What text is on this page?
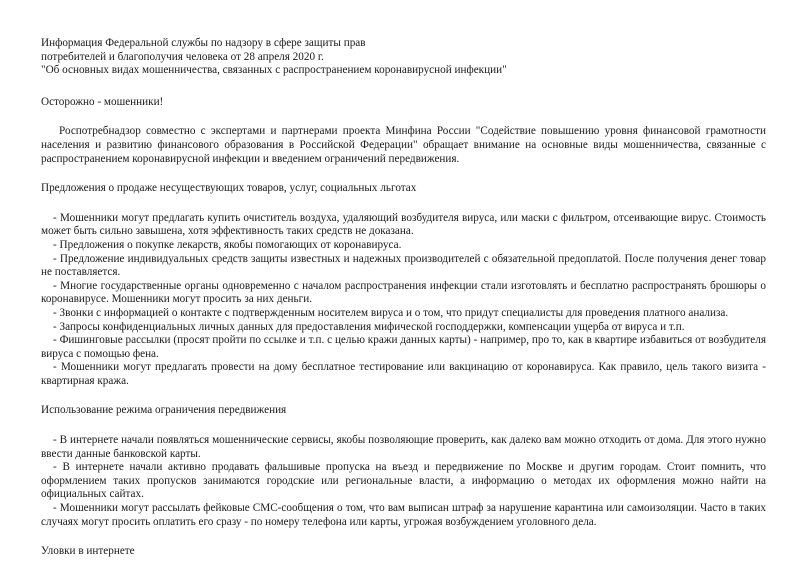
Информация Федеральной службы по надзору в сфере защиты прав

потребителей и благополучия человека от 28 апреля 2020 г.

"Об основных видах мошенничества, связанных с распространением коронавирусной инфекции"

Осторожно - мошенники!

Роспотребнадзор совместно с экспертами и партнерами проекта Минфина России "Содействие повышению уровня финансовой грамотности населения и развитию финансового образования в Российской Федерации" обращает внимание на основные виды мошенничества, связанные с распространением коронавирусной инфекции и введением ограничений передвижения.

Предложения о продаже несуществующих товаров, услуг, социальных льготах

- Мошенники могут предлагать купить очиститель воздуха, удаляющий возбудителя вируса, или маски с фильтром, отсеивающие вирус. Стоимость может быть сильно завышена, хотя эффективность таких средств не доказана.

- Предложения о покупке лекарств, якобы помогающих от коронавируса.

- Предложение индивидуальных средств защиты известных и надежных производителей с обязательной предоплатой. После получения денег товар не поставляется.

- Многие государственные органы одновременно с началом распространения инфекции стали изготовлять и бесплатно распространять брошюры о коронавирусе. Мошенники могут просить за них деньги.

- Звонки с информацией о контакте с подтвержденным носителем вируса и о том, что придут специалисты для проведения платного анализа.

- Запросы конфиденциальных личных данных для предоставления мифической господдержки, компенсации ущерба от вируса и т.п.

- Фишинговые рассылки (просят пройти по ссылке и т.п. с целью кражи данных карты) - например, про то, как в квартире избавиться от возбудителя вируса с помощью фена.

- Мошенники могут предлагать провести на дому бесплатное тестирование или вакцинацию от коронавируса. Как правило, цель такого визита - квартирная кража.

Использование режима ограничения передвижения

- В интернете начали появляться мошеннические сервисы, якобы позволяющие проверить, как далеко вам можно отходить от дома. Для этого нужно ввести данные банковской карты.

- В интернете начали активно продавать фальшивые пропуска на въезд и передвижение по Москве и другим городам. Стоит помнить, что оформлением таких пропусков занимаются городские или региональные власти, а информацию о методах их оформления можно найти на официальных сайтах.

- Мошенники могут рассылать фейковые СМС-сообщения о том, что вам выписан штраф за нарушение карантина или самоизоляции. Часто в таких случаях могут просить оплатить его сразу - по номеру телефона или карты, угрожая возбуждением уголовного дела.

Уловки в интернете
